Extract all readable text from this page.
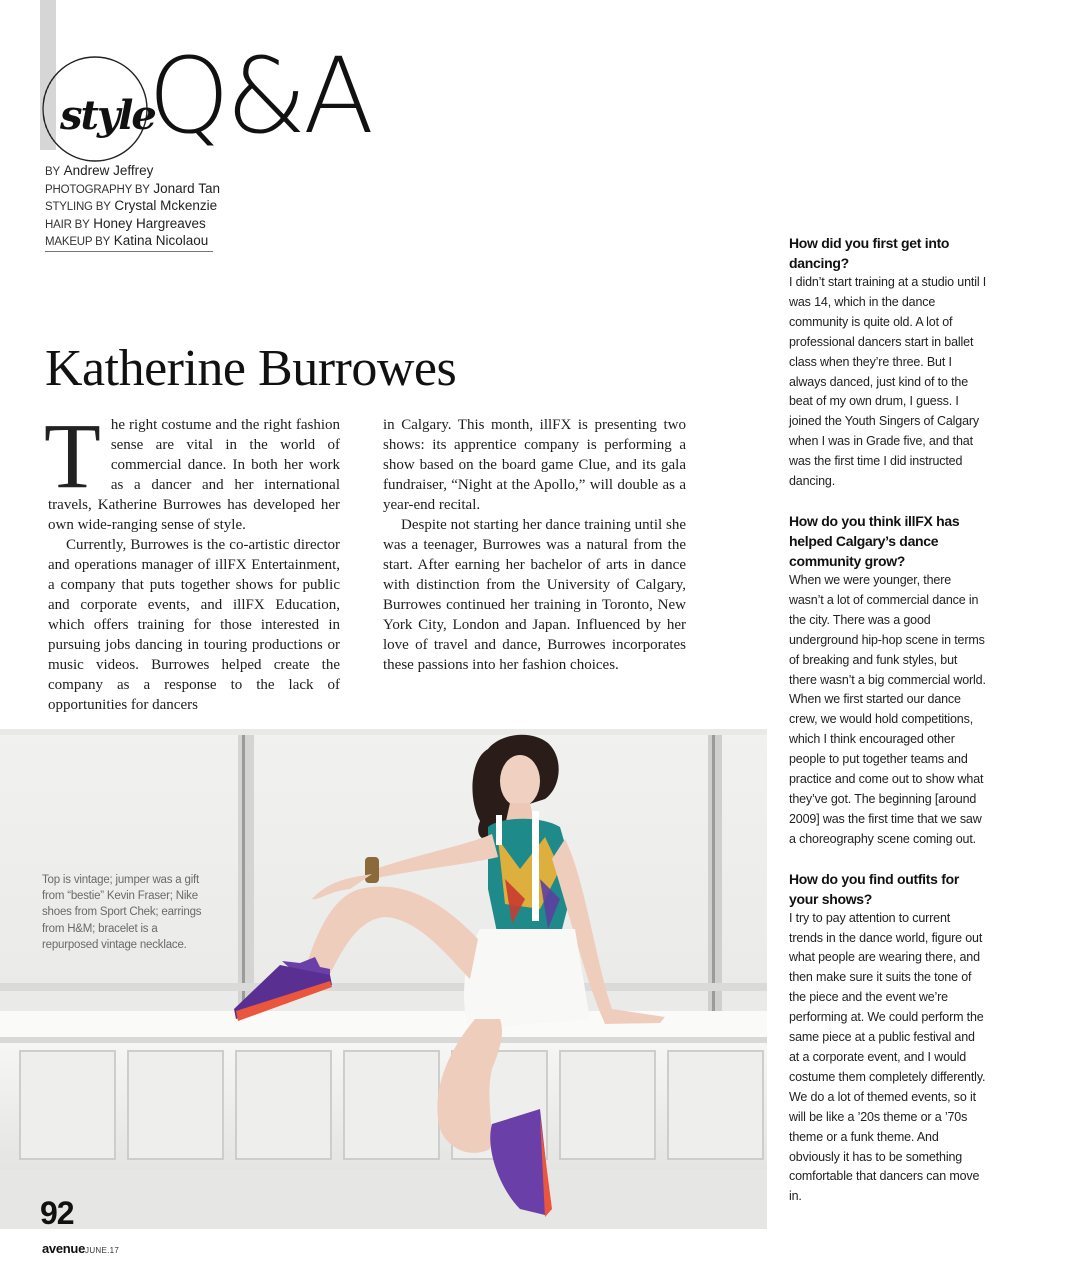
style
Q&A
BY Andrew Jeffrey
PHOTOGRAPHY BY Jonard Tan
STYLING BY Crystal Mckenzie
HAIR BY Honey Hargreaves
MAKEUP BY Katina Nicolaou
Katherine Burrowes

The right costume and the right fashion sense are vital in the world of commercial dance. In both her work as a dancer and her international travels, Katherine Burrowes has developed her own wide-ranging sense of style.

Currently, Burrowes is the co-artistic director and operations manager of illFX Entertainment, a company that puts together shows for public and corporate events, and illFX Education, which offers training for those interested in pursuing jobs dancing in touring productions or music videos. Burrowes helped create the company as a response to the lack of opportunities for dancers

in Calgary. This month, illFX is presenting two shows: its apprentice company is performing a show based on the board game Clue, and its gala fundraiser, “Night at the Apollo,” will double as a year-end recital.

Despite not starting her dance training until she was a teenager, Burrowes was a natural from the start. After earning her bachelor of arts in dance with distinction from the University of Calgary, Burrowes continued her training in Toronto, New York City, London and Japan. Influenced by her love of travel and dance, Burrowes incorporates these passions into her fashion choices.

Top is vintage; jumper was a gift from “bestie” Kevin Fraser; Nike shoes from Sport Chek; earrings from H&M; bracelet is a repurposed vintage necklace.

How did you first get into dancing?

I didn’t start training at a studio until I was 14, which in the dance community is quite old. A lot of professional dancers start in ballet class when they’re three. But I always danced, just kind of to the beat of my own drum, I guess. I joined the Youth Singers of Calgary when I was in Grade five, and that was the first time I did instructed dancing.

How do you think illFX has helped Calgary’s dance community grow?

When we were younger, there wasn’t a lot of commercial dance in the city. There was a good underground hip-hop scene in terms of breaking and funk styles, but there wasn’t a big commercial world. When we first started our dance crew, we would hold competitions, which I think encouraged other people to put together teams and practice and come out to show what they’ve got. The beginning [around 2009] was the first time that we saw a choreography scene coming out.

How do you find outfits for your shows?

I try to pay attention to current trends in the dance world, figure out what people are wearing there, and then make sure it suits the tone of the piece and the event we’re performing at. We could perform the same piece at a public festival and at a corporate event, and I would costume them completely differently. We do a lot of themed events, so it will be like a ’20s theme or a ’70s theme or a funk theme. And obviously it has to be something comfortable that dancers can move in.

92
avenueJUNE.17
